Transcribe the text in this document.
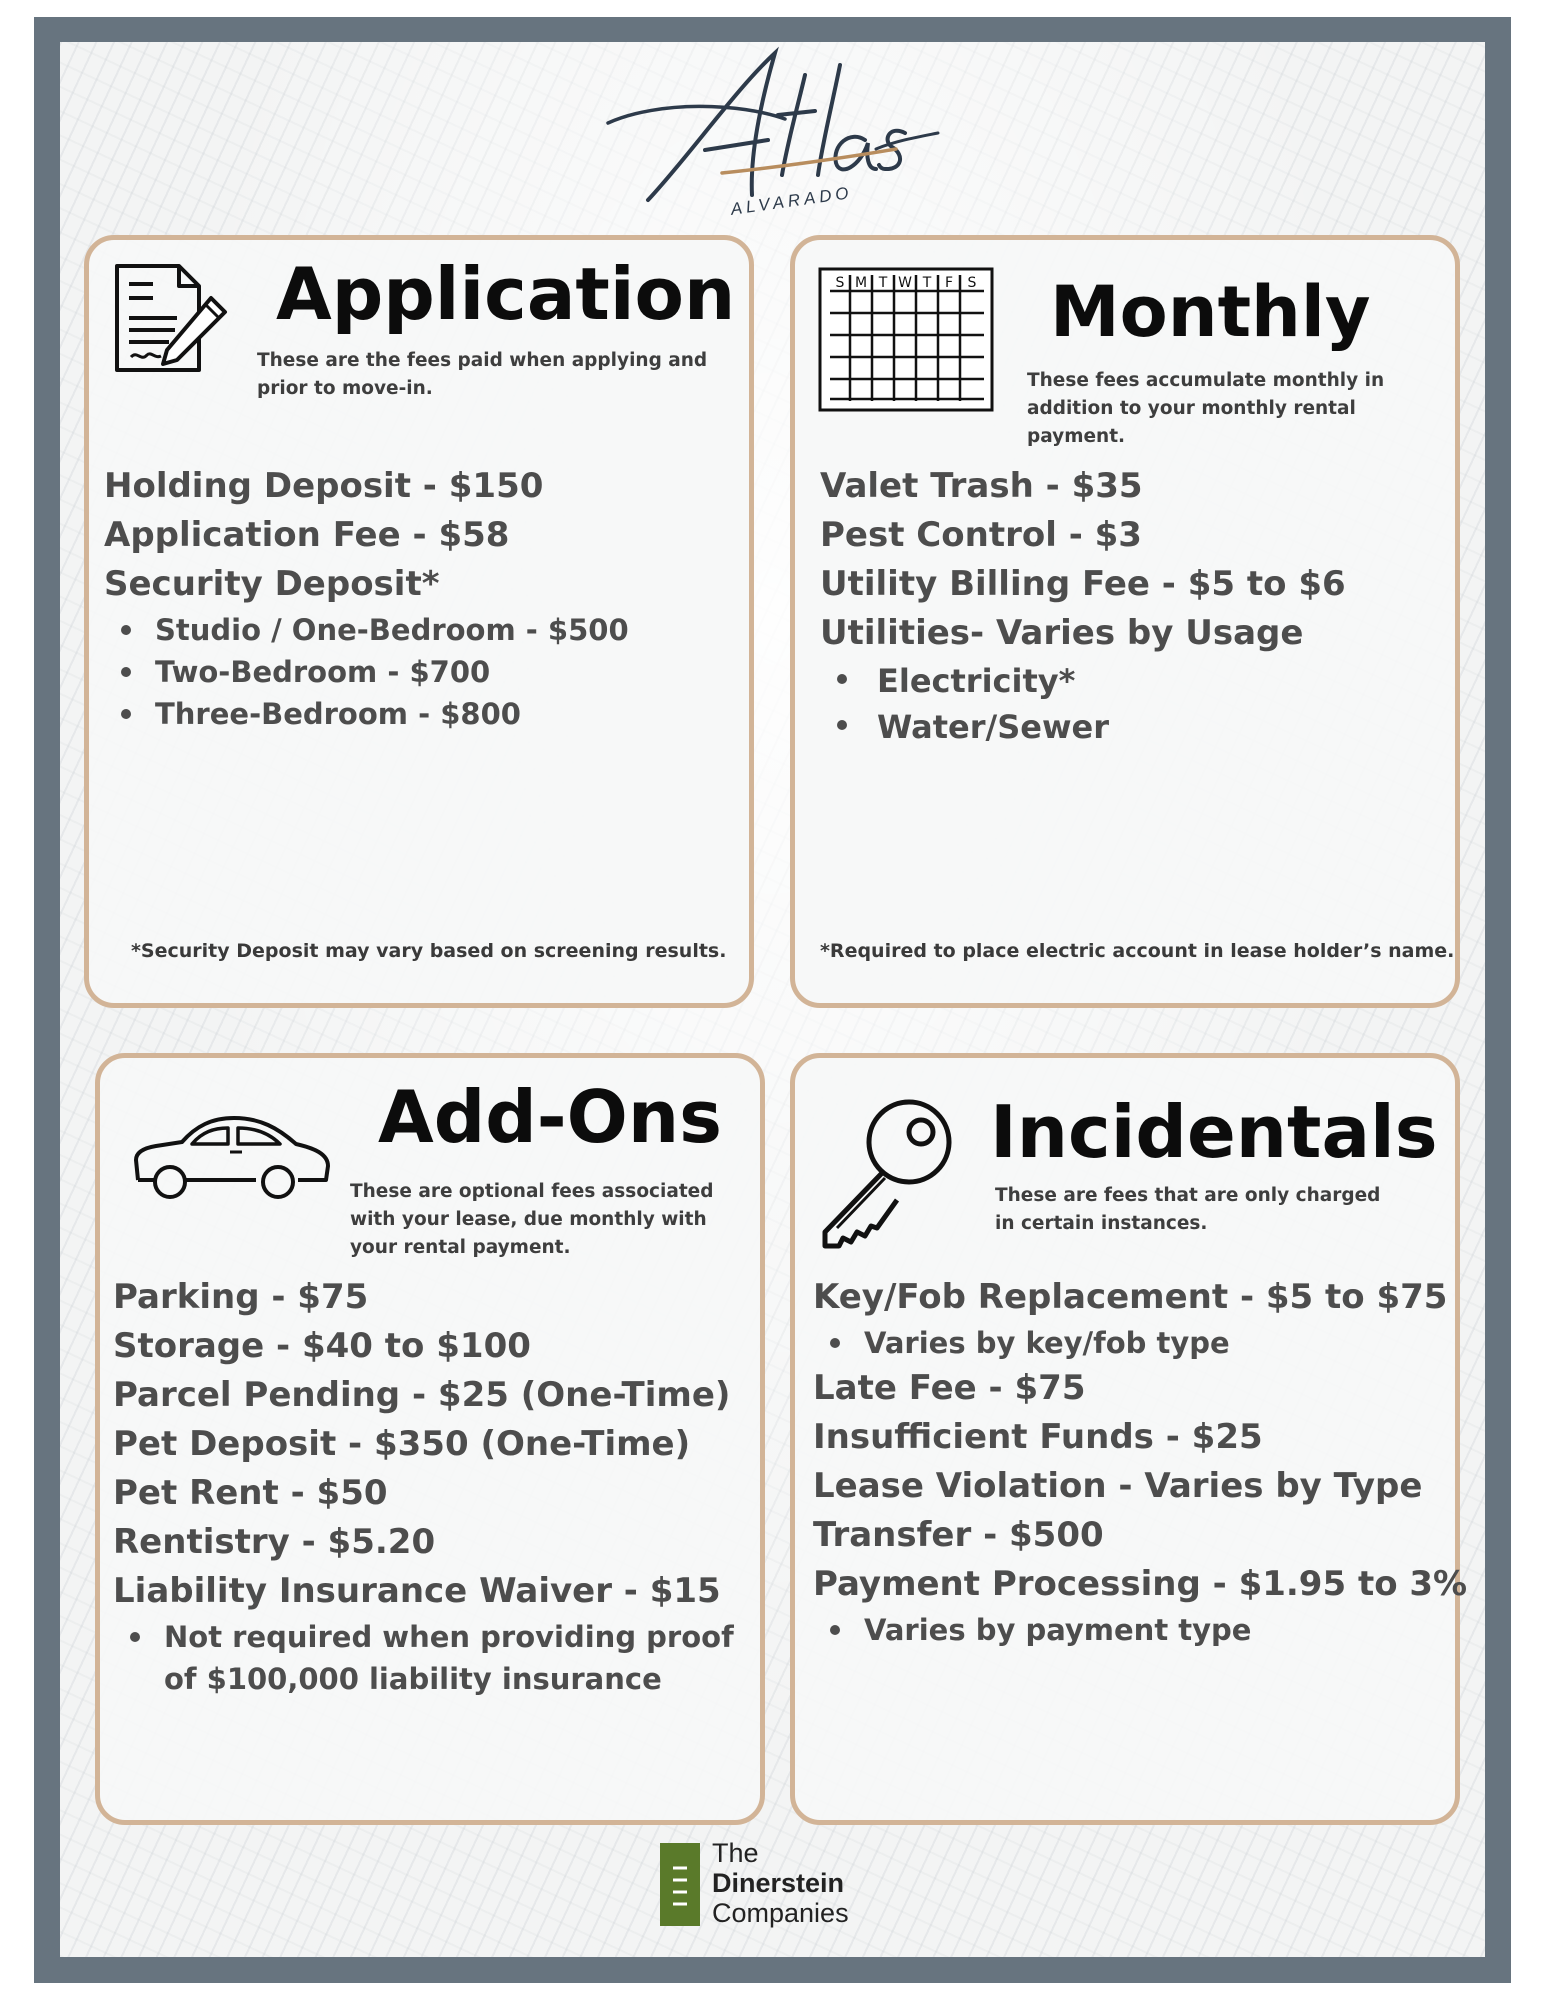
ALVARADO
Application
These are the fees paid when applying and prior to move-in.
Holding Deposit - $150
Application Fee - $58
Security Deposit*
Studio / One-Bedroom - $500
Two-Bedroom - $700
Three-Bedroom - $800
*Security Deposit may vary based on screening results.
S M T W T F S Monthly
These fees accumulate monthly in addition to your monthly rental payment.
Valet Trash - $35
Pest Control - $3
Utility Billing Fee - $5 to $6
Utilities- Varies by Usage
Electricity*
Water/Sewer
*Required to place electric account in lease holder’s name.
Add-Ons
These are optional fees associated with your lease, due monthly with your rental payment.
Parking - $75
Storage - $40 to $100
Parcel Pending - $25 (One-Time)
Pet Deposit - $350 (One-Time)
Pet Rent - $50
Rentistry - $5.20
Liability Insurance Waiver - $15
Not required when providing proof
of $100,000 liability insurance
Incidentals
These are fees that are only charged in certain instances.
Key/Fob Replacement - $5 to $75
Varies by key/fob type
Late Fee - $75
Insufficient Funds - $25
Lease Violation - Varies by Type
Transfer - $500
Payment Processing - $1.95 to 3%
Varies by payment type
The
Dinerstein
Companies
